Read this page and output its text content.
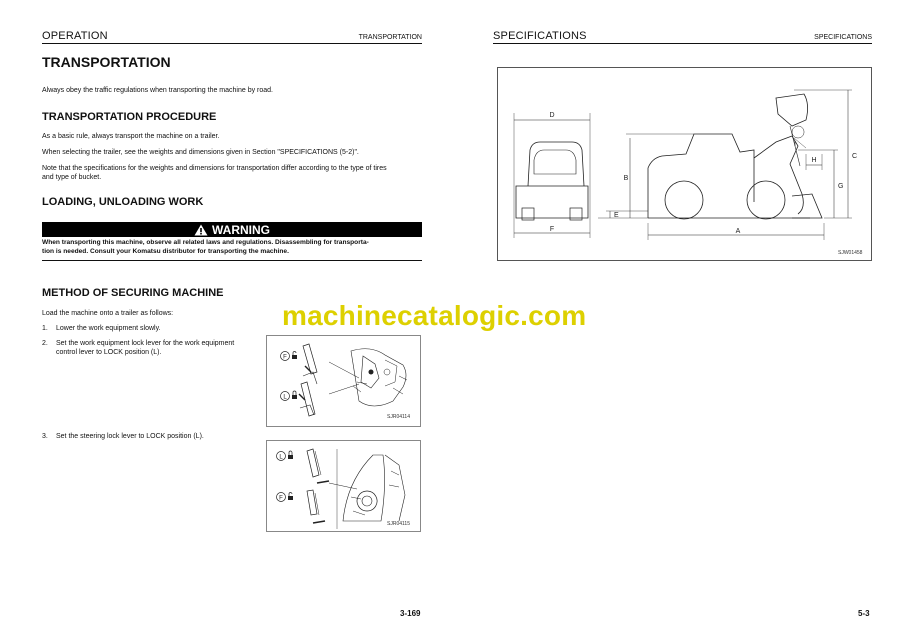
OPERATION	TRANSPORTATION
TRANSPORTATION
Always obey the traffic regulations when transporting the machine by road.
TRANSPORTATION PROCEDURE
As a basic rule, always transport the machine on a trailer.
When selecting the trailer, see the weights and dimensions given in Section "SPECIFICATIONS (5-2)".
Note that the specifications for the weights and dimensions for transportation differ according to the type of tires
and type of bucket.
LOADING, UNLOADING WORK
WARNING
When transporting this machine, observe all related laws and regulations. Disassembling for transporta-
tion is needed. Consult your Komatsu distributor for transporting the machine.
METHOD OF SECURING MACHINE
Load the machine onto a trailer as follows:
1. Lower the work equipment slowly.
2. Set the work equipment lock lever for the work equipment
control lever to LOCK position (L).
3. Set the steering lock lever to LOCK position (L).
F
L
SJR04114
L
F
SJR04115
3-169
SPECIFICATIONS	SPECIFICATIONS
D
B
E
F	A
C
H
I
G
SJW01458
5-3
machinecatalogic.com
